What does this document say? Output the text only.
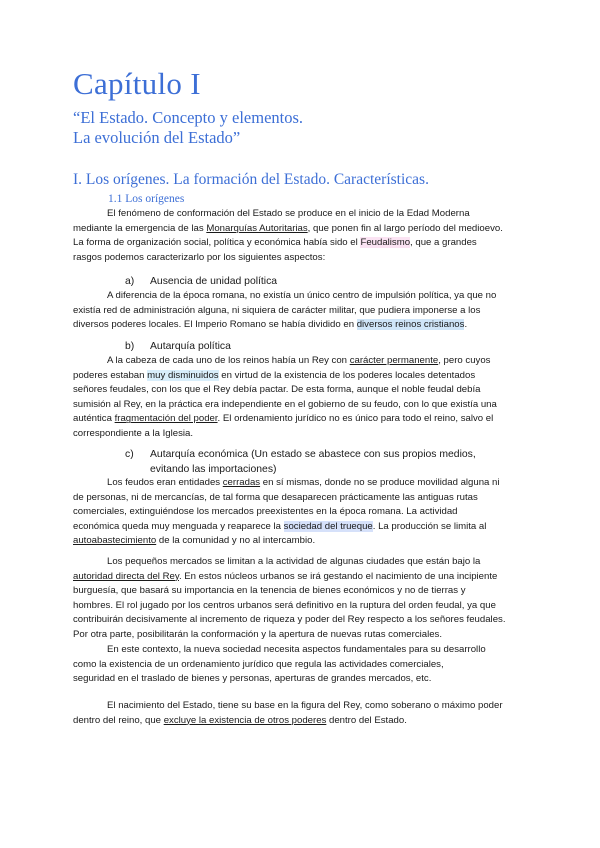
Capítulo I
“El Estado. Concepto y elementos.
La evolución del Estado”
I. Los orígenes. La formación del Estado. Características.
1.1 Los orígenes
El fenómeno de conformación del Estado se produce en el inicio de la Edad Moderna
mediante la emergencia de las Monarquías Autoritarias, que ponen fin al largo período del medioevo.
La forma de organización social, política y económica había sido el Feudalismo, que a grandes
rasgos podemos caracterizarlo por los siguientes aspectos:
a) Ausencia de unidad política
A diferencia de la época romana, no existía un único centro de impulsión política, ya que no
existía red de administración alguna, ni siquiera de carácter militar, que pudiera imponerse a los
diversos poderes locales. El Imperio Romano se había dividido en diversos reinos cristianos.
b) Autarquía política
A la cabeza de cada uno de los reinos había un Rey con carácter permanente, pero cuyos
poderes estaban muy disminuidos en virtud de la existencia de los poderes locales detentados
señores feudales, con los que el Rey debía pactar. De esta forma, aunque el noble feudal debía
sumisión al Rey, en la práctica era independiente en el gobierno de su feudo, con lo que existía una
auténtica fragmentación del poder. El ordenamiento jurídico no es único para todo el reino, salvo el
correspondiente a la Iglesia.
c) Autarquía económica (Un estado se abastece con sus propios medios,
evitando las importaciones)
Los feudos eran entidades cerradas en sí mismas, donde no se produce movilidad alguna ni
de personas, ni de mercancías, de tal forma que desaparecen prácticamente las antiguas rutas
comerciales, extinguiéndose los mercados preexistentes en la época romana. La actividad
económica queda muy menguada y reaparece la sociedad del trueque. La producción se limita al
autoabastecimiento de la comunidad y no al intercambio.
Los pequeños mercados se limitan a la actividad de algunas ciudades que están bajo la
autoridad directa del Rey. En estos núcleos urbanos se irá gestando el nacimiento de una incipiente
burguesía, que basará su importancia en la tenencia de bienes económicos y no de tierras y
hombres. El rol jugado por los centros urbanos será definitivo en la ruptura del orden feudal, ya que
contribuirán decisivamente al incremento de riqueza y poder del Rey respecto a los señores feudales.
Por otra parte, posibilitarán la conformación y la apertura de nuevas rutas comerciales.
En este contexto, la nueva sociedad necesita aspectos fundamentales para su desarrollo
como la existencia de un ordenamiento jurídico que regula las actividades comerciales,
seguridad en el traslado de bienes y personas, aperturas de grandes mercados, etc.
El nacimiento del Estado, tiene su base en la figura del Rey, como soberano o máximo poder
dentro del reino, que excluye la existencia de otros poderes dentro del Estado.
